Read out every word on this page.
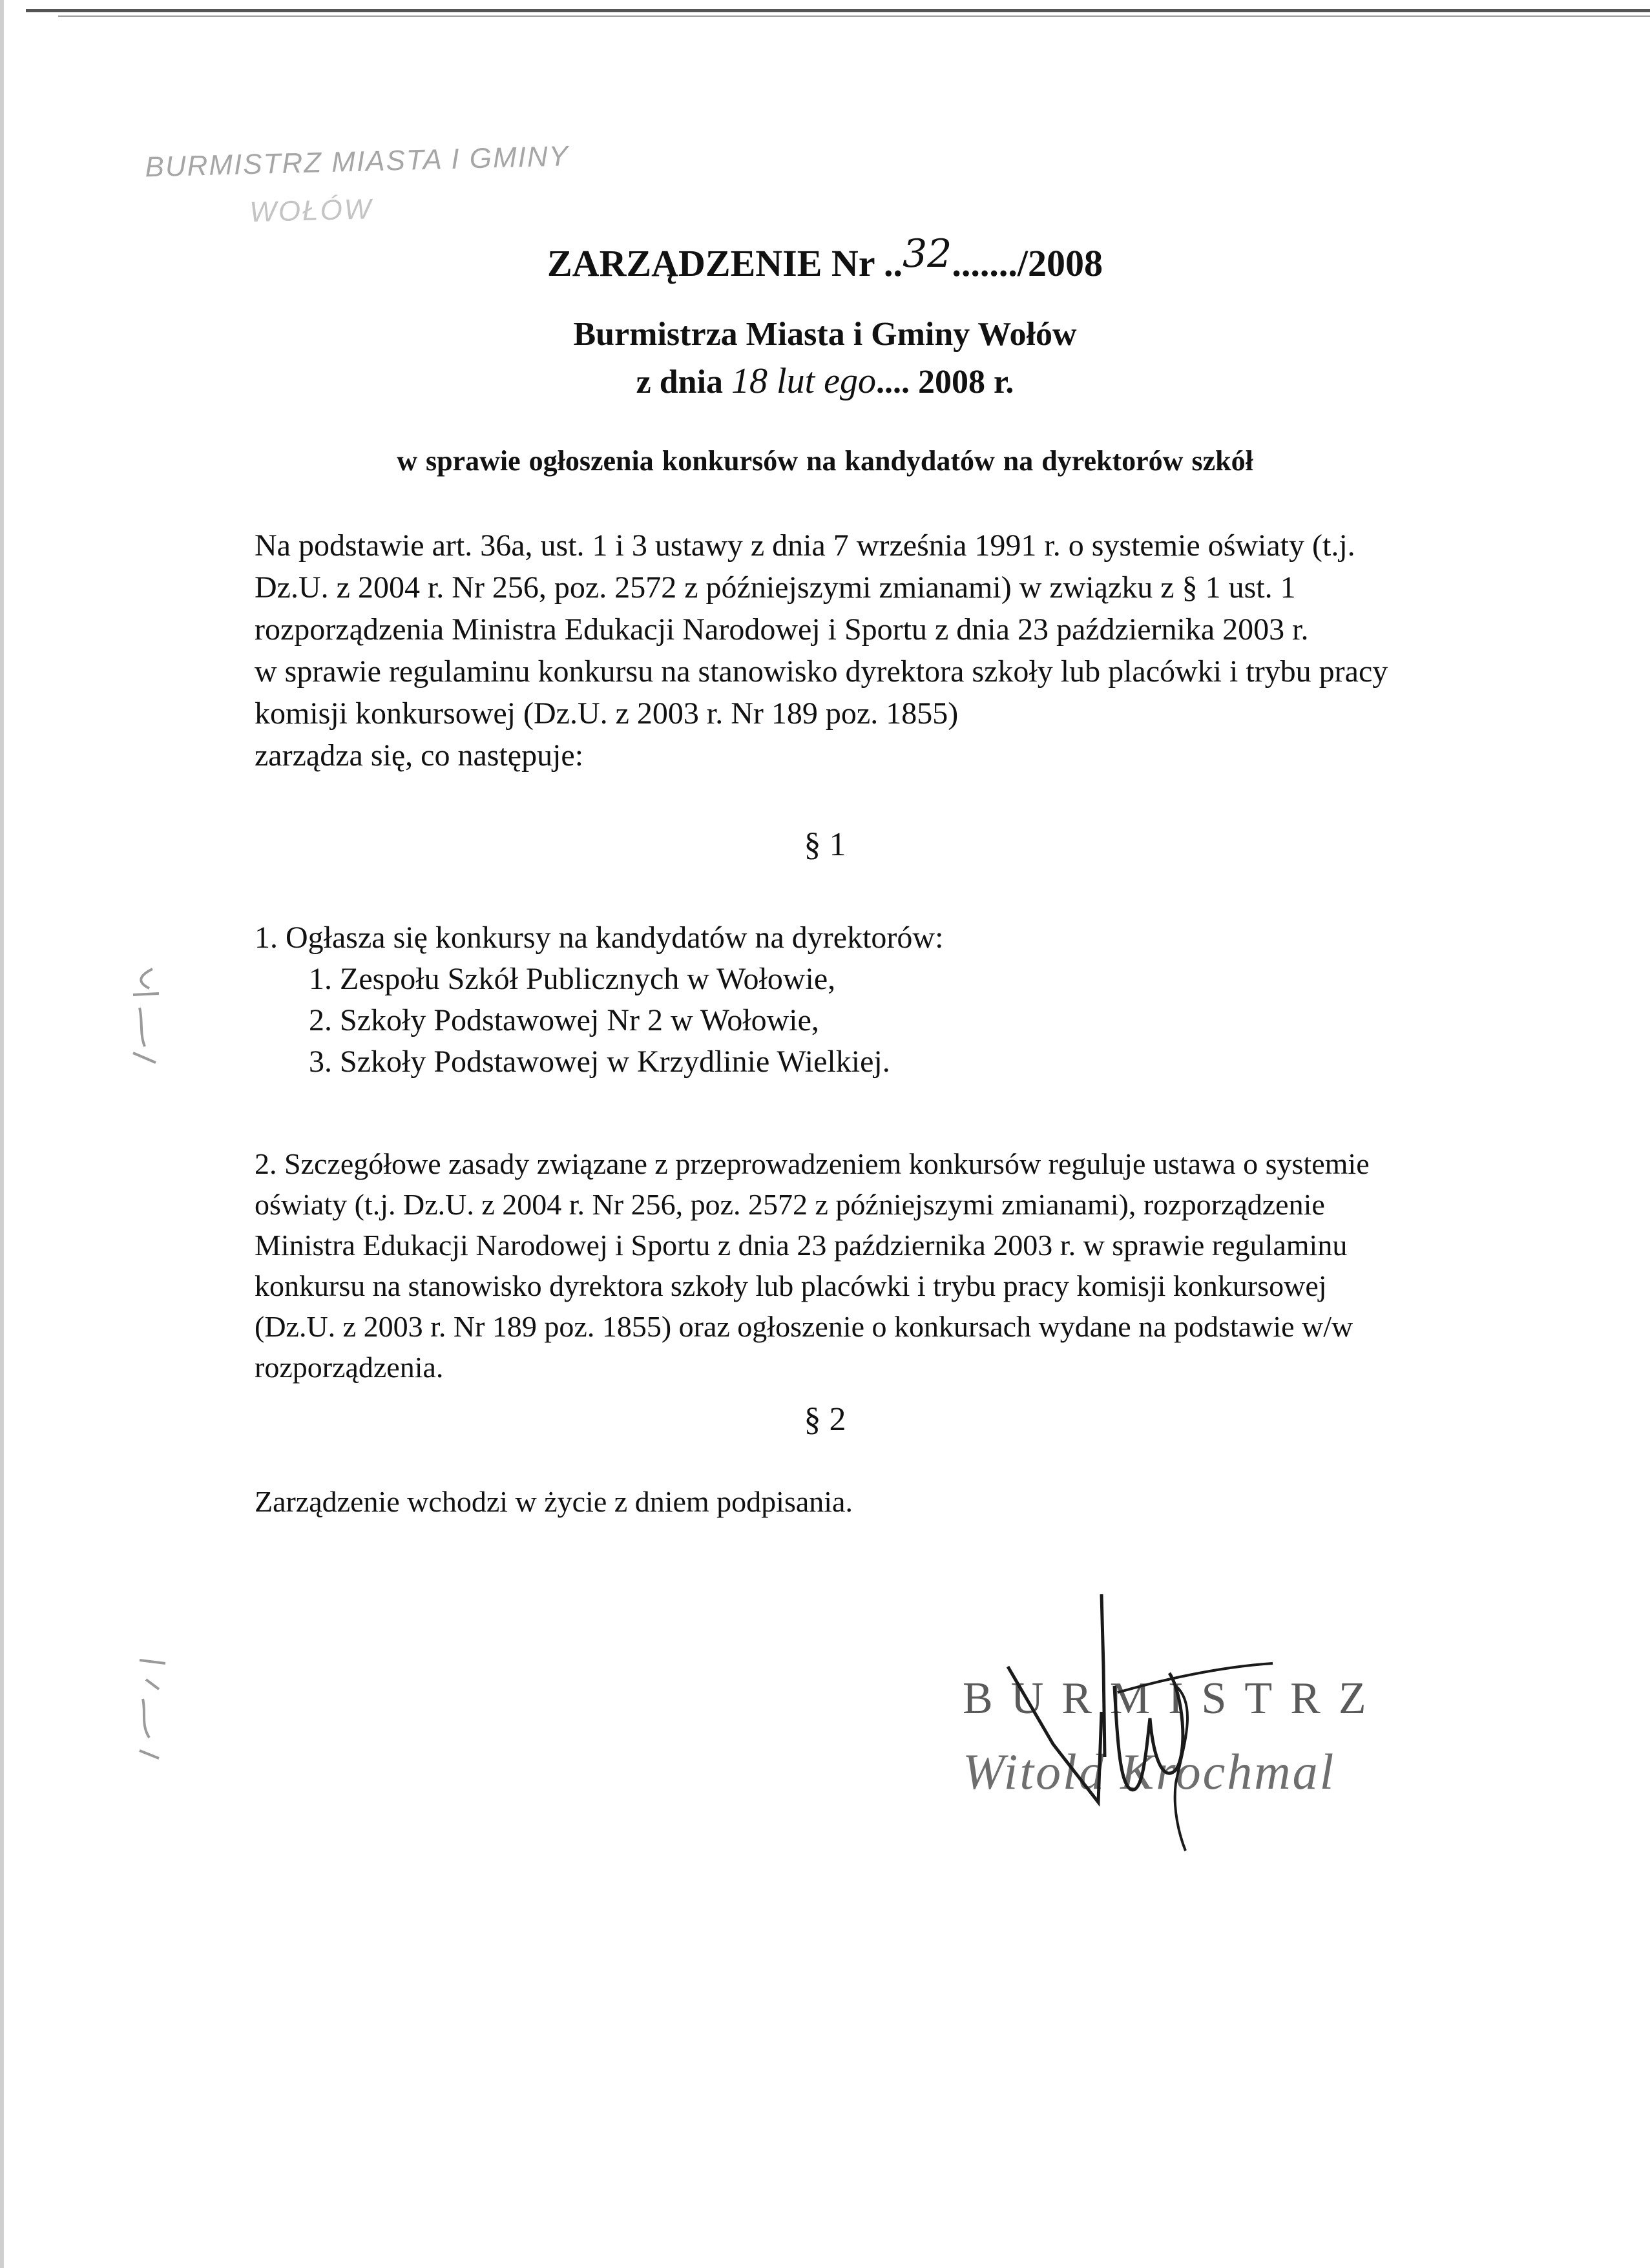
BURMISTRZ MIASTA I GMINY
WOŁÓW
ZARZĄDZENIE Nr ..32......./2008
Burmistrza Miasta i Gminy Wołów
z dnia 18 lut ego.... 2008 r.
w sprawie ogłoszenia konkursów na kandydatów na dyrektorów szkół
Na podstawie art. 36a, ust. 1 i 3 ustawy z dnia 7 września 1991 r. o systemie oświaty (t.j.
Dz.U. z 2004 r. Nr 256, poz. 2572 z późniejszymi zmianami) w związku z § 1 ust. 1
rozporządzenia Ministra Edukacji Narodowej i Sportu z dnia 23 października 2003 r.
w sprawie regulaminu konkursu na stanowisko dyrektora szkoły lub placówki i trybu pracy
komisji konkursowej (Dz.U. z 2003 r. Nr 189 poz. 1855)
zarządza się, co następuje:
§ 1
1. Ogłasza się konkursy na kandydatów na dyrektorów:
1. Zespołu Szkół Publicznych w Wołowie,
2. Szkoły Podstawowej Nr 2 w Wołowie,
3. Szkoły Podstawowej w Krzydlinie Wielkiej.
2. Szczegółowe zasady związane z przeprowadzeniem konkursów reguluje ustawa o systemie
oświaty (t.j. Dz.U. z 2004 r. Nr 256, poz. 2572 z późniejszymi zmianami), rozporządzenie
Ministra Edukacji Narodowej i Sportu z dnia 23 października 2003 r. w sprawie regulaminu
konkursu na stanowisko dyrektora szkoły lub placówki i trybu pracy komisji konkursowej
(Dz.U. z 2003 r. Nr 189 poz. 1855) oraz ogłoszenie o konkursach wydane na podstawie w/w
rozporządzenia.
§ 2
Zarządzenie wchodzi w życie z dniem podpisania.
BURMISTRZ
Witold Krochmal
